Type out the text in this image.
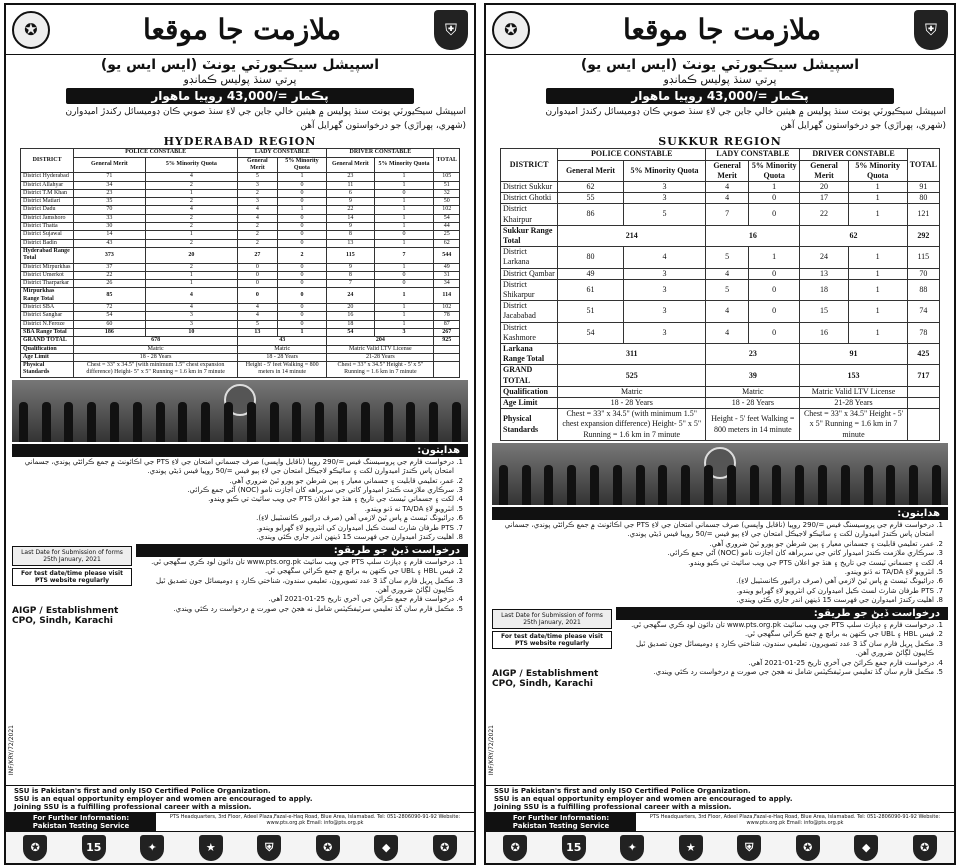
✪	ملازمت جا موقعا	⛨
اسپيشل سيڪيورٽي يونٽ (ايس ايس يو)
پرتي سنڌ پوليس ڪمانڊو
پڪمار =/43,000 روپيا ماهوار
اسپيشل سيڪيورٽي يونٽ سنڌ پوليس ۾ هيٺين خالي جاين جي لاءِ سنڌ صوبي ڪان ڊوميسائل رکندڙ اميدوارن
(شهري، ٻهراڙي) جو درخواستون گهرايل آهن
HYDERABAD REGION
DISTRICT	POLICE CONSTABLE		LADY CONSTABLE		DRIVER CONSTABLE		TOTAL
	General Merit	5% Minority Quota	General Merit	5% Minority Quota	General Merit	5% Minority Quota	
District Hyderabad	71	4	5	1	23	1	105
District Allahyar	34	2	3	0	11	1	51
District T.M Khan	23	1	2	0	6	0	32
District Matiari	35	2	3	0	9	1	50
District Dadu	70	4	4	1	22	1	102
District Jamshoro	33	2	4	0	14	1	54
District Thatta	30	2	2	0	9	1	44
District Sujawal	14	1	2	0	8	0	25
District Badin	43	2	2	0	13	1	62
Hyderabad Range Total	373	20	27	2	115	7	544
District Mirpurkhas	37	2	0	0	9	1	49
District Umerkot	22	1	0	0	8	0	31
District Tharparkar	26	1	0	0	7	0	34
Mirpurkhas Range Total	85	4	0	0	24	1	114
District SBA	72	4	4	0	20	1	102
District Sanghar	54	3	4	0	16	1	78
District N.Feroze	60	3	5	0	18	1	87
SBA Range Total	186	10	13	1	54	3	267
GRAND TOTAL	678		43		204		925
Qualification	Matric		Matric		Matric Valid LTV License		
Age Limit	18 - 28 Years		18 - 28 Years		21-28 Years		
Physical Standards	Chest = 33" x 34.5" (with minimum 1.5" chest expansion difference) Height- 5" x 5" Running = 1.6 km in 7 minute		Height - 5' feet Walking = 800 meters in 14 minute		Chest = 33" x 34.5" Height - 5' x 5" Running = 1.6 km in 7 minute		
هدايتون:
1. درخواست فارم جي پروسيسنگ فيس =/290 روپيا (ناقابل واپسي) صرف جسماني امتحان جي لاءِ PTS جي اڪائونٽ ۾ جمع ڪرائڻي پوندي، جسماني امتحان پاس ڪندڙ اميدوارن لکت ۽ سائيڪو لاجيڪل امتحان جي لاءِ ٻيو فيس =/50 روپيا فيس ڏيڻي پوندي.
2. عمر، تعليمي قابليت ۽ جسماني معيار ۽ ٻين شرطن جو پورو ٿيڻ ضروري آهي.
3. سرڪاري ملازمت ڪندڙ اميدوار کاتي جي سربراهه کان اجازت نامو (NOC) آڻي جمع ڪرائي.
4. لکت ۽ جسماني ٽيسٽ جي تاريخ ۽ هنڌ جو اعلان PTS جي ويب سائيٽ تي ڪيو ويندو.
5. انٽرويو لاءِ TA/DA نه ڏنو ويندو.
6. ڊرائيونگ ٽيسٽ ۾ پاس ٿيڻ لازمي آهي (صرف ڊرائيور ڪانسٽيبل لاءِ).
7. PTS طرفان شارٽ لسٽ ڪيل اميدوارن کي انٽرويو لاءِ گهرايو ويندو.
8. اهليت رکندڙ اميدوارن جي فهرست 15 ڏينهن اندر جاري ڪئي ويندي.
Last Date for Submission of forms 25th January, 2021
For test date/time please visit PTS website regularly
AIGP / Establishment CPO, Sindh, Karachi
درخواست ڏيڻ جو طريقو:
1. درخواست فارم ۽ ڊپازٽ سلپ PTS جي ويب سائيٽ www.pts.org.pk تان ڊائون لوڊ ڪري سگهجي ٿي.
2. فيس HBL ۽ UBL جي ڪنهن به برانچ ۾ جمع ڪرائي سگهجي ٿي.
3. مڪمل ڀريل فارم سان گڏ 3 عدد تصويرون، تعليمي سندون، شناختي ڪارڊ ۽ ڊوميسائل جون تصديق ٿيل ڪاپيون لڳائڻ ضروري آهن.
4. درخواست فارم جمع ڪرائڻ جي آخري تاريخ 25-01-2021 آهي.
5. مڪمل فارم سان گڏ تعليمي سرٽيفڪيٽس شامل نه هجڻ جي صورت ۾ درخواست رد ڪئي ويندي.
INF/KRY/72/2021
SSU is Pakistan's first and only ISO Certified Police Organization.
SSU is an equal opportunity employer and women are encouraged to apply.
Joining SSU is a fulfilling professional career with a mission.
For Further Information:
Pakistan Testing Service
PTS Headquarters, 3rd Floor, Adeel Plaza,Fazal-e-Haq Road, Blue Area, Islamabad. Tel: 051-2806090-91-92 Website: www.pts.org.pk Email: info@pts.org.pk
✪	15	✦	★	⛨	✪	◆	✪
✪	ملازمت جا موقعا	⛨
اسپيشل سيڪيورٽي يونٽ (ايس ايس يو)
پرتي سنڌ پوليس ڪمانڊو
پڪمار =/43,000 روپيا ماهوار
اسپيشل سيڪيورٽي يونٽ سنڌ پوليس ۾ هيٺين خالي جاين جي لاءِ سنڌ صوبي ڪان ڊوميسائل رکندڙ اميدوارن
(شهري، ٻهراڙي) جو درخواستون گهرايل آهن
SUKKUR REGION
DISTRICT	POLICE CONSTABLE		LADY CONSTABLE		DRIVER CONSTABLE		TOTAL
	General Merit	5% Minority Quota	General Merit	5% Minority Quota	General Merit	5% Minority Quota	
District Sukkur	62	3	4	1	20	1	91
District Ghotki	55	3	4	0	17	1	80
District Khairpur	86	5	7	0	22	1	121
Sukkur Range Total	214		16		62		292
District Larkana	80	4	5	1	24	1	115
District Qambar	49	3	4	0	13	1	70
District Shikarpur	61	3	5	0	18	1	88
District Jacababad	51	3	4	0	15	1	74
District Kashmore	54	3	4	0	16	1	78
Larkana Range Total	311		23		91		425
GRAND TOTAL	525		39		153		717
Qualification	Matric		Matric		Matric Valid LTV License		
Age Limit	18 - 28 Years		18 - 28 Years		21-28 Years		
Physical Standards	Chest = 33" x 34.5" (with minimum 1.5" chest expansion difference) Height- 5" x 5" Running = 1.6 km in 7 minute		Height - 5' feet Walking = 800 meters in 14 minute		Chest = 33" x 34.5" Height - 5' x 5" Running = 1.6 km in 7 minute		
هدايتون:
1. درخواست فارم جي پروسيسنگ فيس =/290 روپيا (ناقابل واپسي) صرف جسماني امتحان جي لاءِ PTS جي اڪائونٽ ۾ جمع ڪرائڻي پوندي، جسماني امتحان پاس ڪندڙ اميدوارن لکت ۽ سائيڪو لاجيڪل امتحان جي لاءِ ٻيو فيس =/50 روپيا فيس ڏيڻي پوندي.
2. عمر، تعليمي قابليت ۽ جسماني معيار ۽ ٻين شرطن جو پورو ٿيڻ ضروري آهي.
3. سرڪاري ملازمت ڪندڙ اميدوار کاتي جي سربراهه کان اجازت نامو (NOC) آڻي جمع ڪرائي.
4. لکت ۽ جسماني ٽيسٽ جي تاريخ ۽ هنڌ جو اعلان PTS جي ويب سائيٽ تي ڪيو ويندو.
5. انٽرويو لاءِ TA/DA نه ڏنو ويندو.
6. ڊرائيونگ ٽيسٽ ۾ پاس ٿيڻ لازمي آهي (صرف ڊرائيور ڪانسٽيبل لاءِ).
7. PTS طرفان شارٽ لسٽ ڪيل اميدوارن کي انٽرويو لاءِ گهرايو ويندو.
8. اهليت رکندڙ اميدوارن جي فهرست 15 ڏينهن اندر جاري ڪئي ويندي.
Last Date for Submission of forms 25th January, 2021
For test date/time please visit PTS website regularly
AIGP / Establishment CPO, Sindh, Karachi
درخواست ڏيڻ جو طريقو:
1. درخواست فارم ۽ ڊپازٽ سلپ PTS جي ويب سائيٽ www.pts.org.pk تان ڊائون لوڊ ڪري سگهجي ٿي.
2. فيس HBL ۽ UBL جي ڪنهن به برانچ ۾ جمع ڪرائي سگهجي ٿي.
3. مڪمل ڀريل فارم سان گڏ 3 عدد تصويرون، تعليمي سندون، شناختي ڪارڊ ۽ ڊوميسائل جون تصديق ٿيل ڪاپيون لڳائڻ ضروري آهن.
4. درخواست فارم جمع ڪرائڻ جي آخري تاريخ 25-01-2021 آهي.
5. مڪمل فارم سان گڏ تعليمي سرٽيفڪيٽس شامل نه هجڻ جي صورت ۾ درخواست رد ڪئي ويندي.
INF/KRY/72/2021
SSU is Pakistan's first and only ISO Certified Police Organization.
SSU is an equal opportunity employer and women are encouraged to apply.
Joining SSU is a fulfilling professional career with a mission.
For Further Information:
Pakistan Testing Service
PTS Headquarters, 3rd Floor, Adeel Plaza,Fazal-e-Haq Road, Blue Area, Islamabad. Tel: 051-2806090-91-92 Website: www.pts.org.pk Email: info@pts.org.pk
✪	15	✦	★	⛨	✪	◆	✪
